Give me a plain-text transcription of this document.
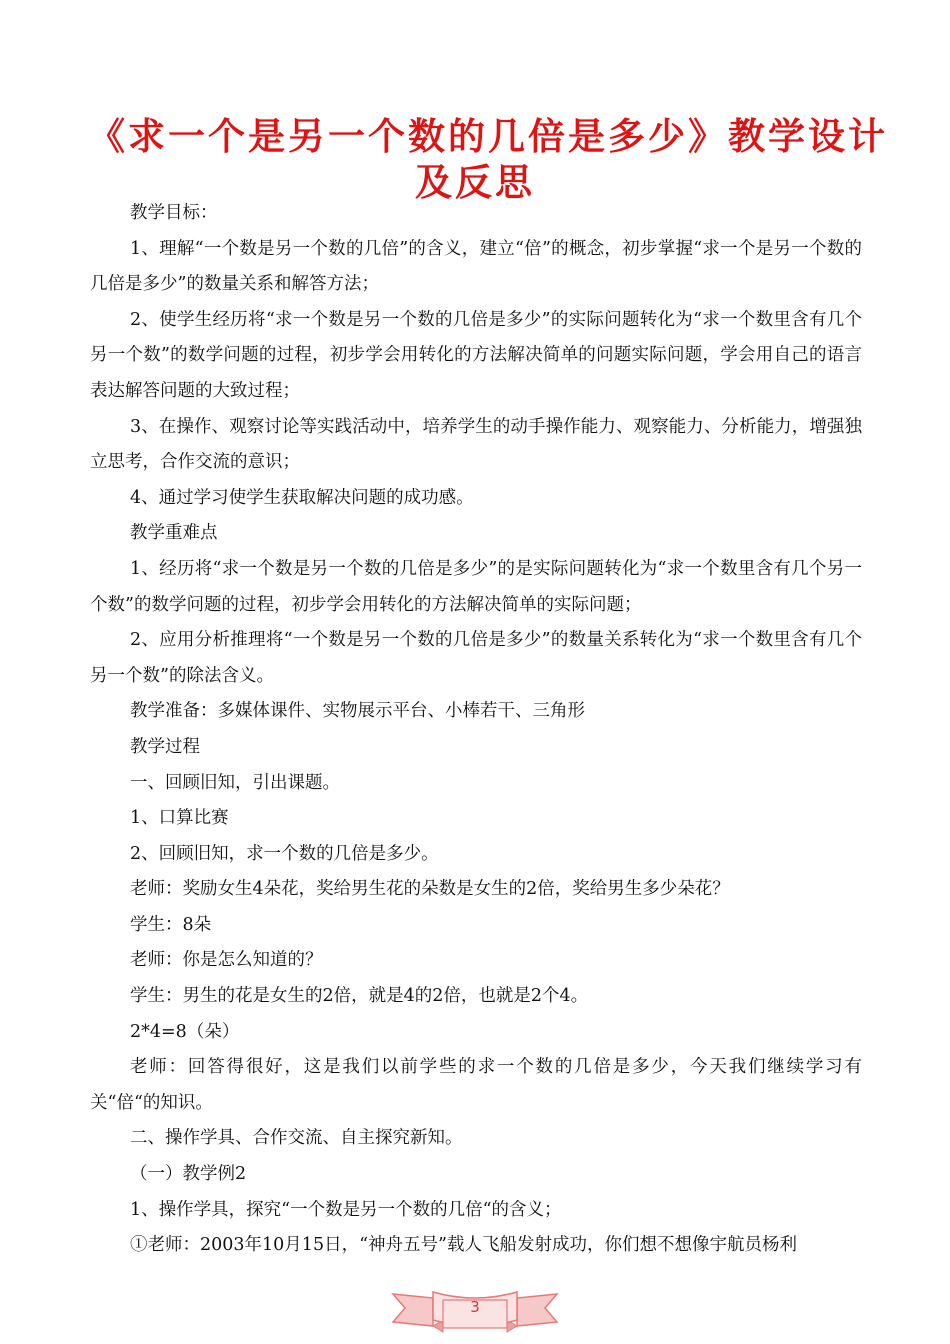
《求一个是另一个数的几倍是多少》教学设计
及反思

教学目标：

1、理解“一个数是另一个数的几倍”的含义，建立“倍”的概念，初步掌握“求一个是另一个数的几倍是多少”的数量关系和解答方法；

2、使学生经历将“求一个数是另一个数的几倍是多少”的实际问题转化为“求一个数里含有几个另一个数”的数学问题的过程，初步学会用转化的方法解决简单的问题实际问题，学会用自己的语言表达解答问题的大致过程；

3、在操作、观察讨论等实践活动中，培养学生的动手操作能力、观察能力、分析能力，增强独立思考，合作交流的意识；

4、通过学习使学生获取解决问题的成功感。

教学重难点

1、经历将“求一个数是另一个数的几倍是多少”的是实际问题转化为“求一个数里含有几个另一个数”的数学问题的过程，初步学会用转化的方法解决简单的实际问题；

2、应用分析推理将“一个数是另一个数的几倍是多少”的数量关系转化为“求一个数里含有几个另一个数”的除法含义。

教学准备：多媒体课件、实物展示平台、小棒若干、三角形

教学过程

一、回顾旧知，引出课题。

1、口算比赛

2、回顾旧知，求一个数的几倍是多少。

老师：奖励女生4朵花，奖给男生花的朵数是女生的2倍，奖给男生多少朵花？

学生：8朵

老师：你是怎么知道的？

学生：男生的花是女生的2倍，就是4的2倍，也就是2个4。

2*4=8（朵）

老师：回答得很好，这是我们以前学些的求一个数的几倍是多少，今天我们继续学习有关“倍“的知识。

二、操作学具、合作交流、自主探究新知。

（一）教学例2

1、操作学具，探究“一个数是另一个数的几倍“的含义；

①老师：2003年10月15日，“神舟五号”载人飞船发射成功，你们想不想像宇航员杨利

3
